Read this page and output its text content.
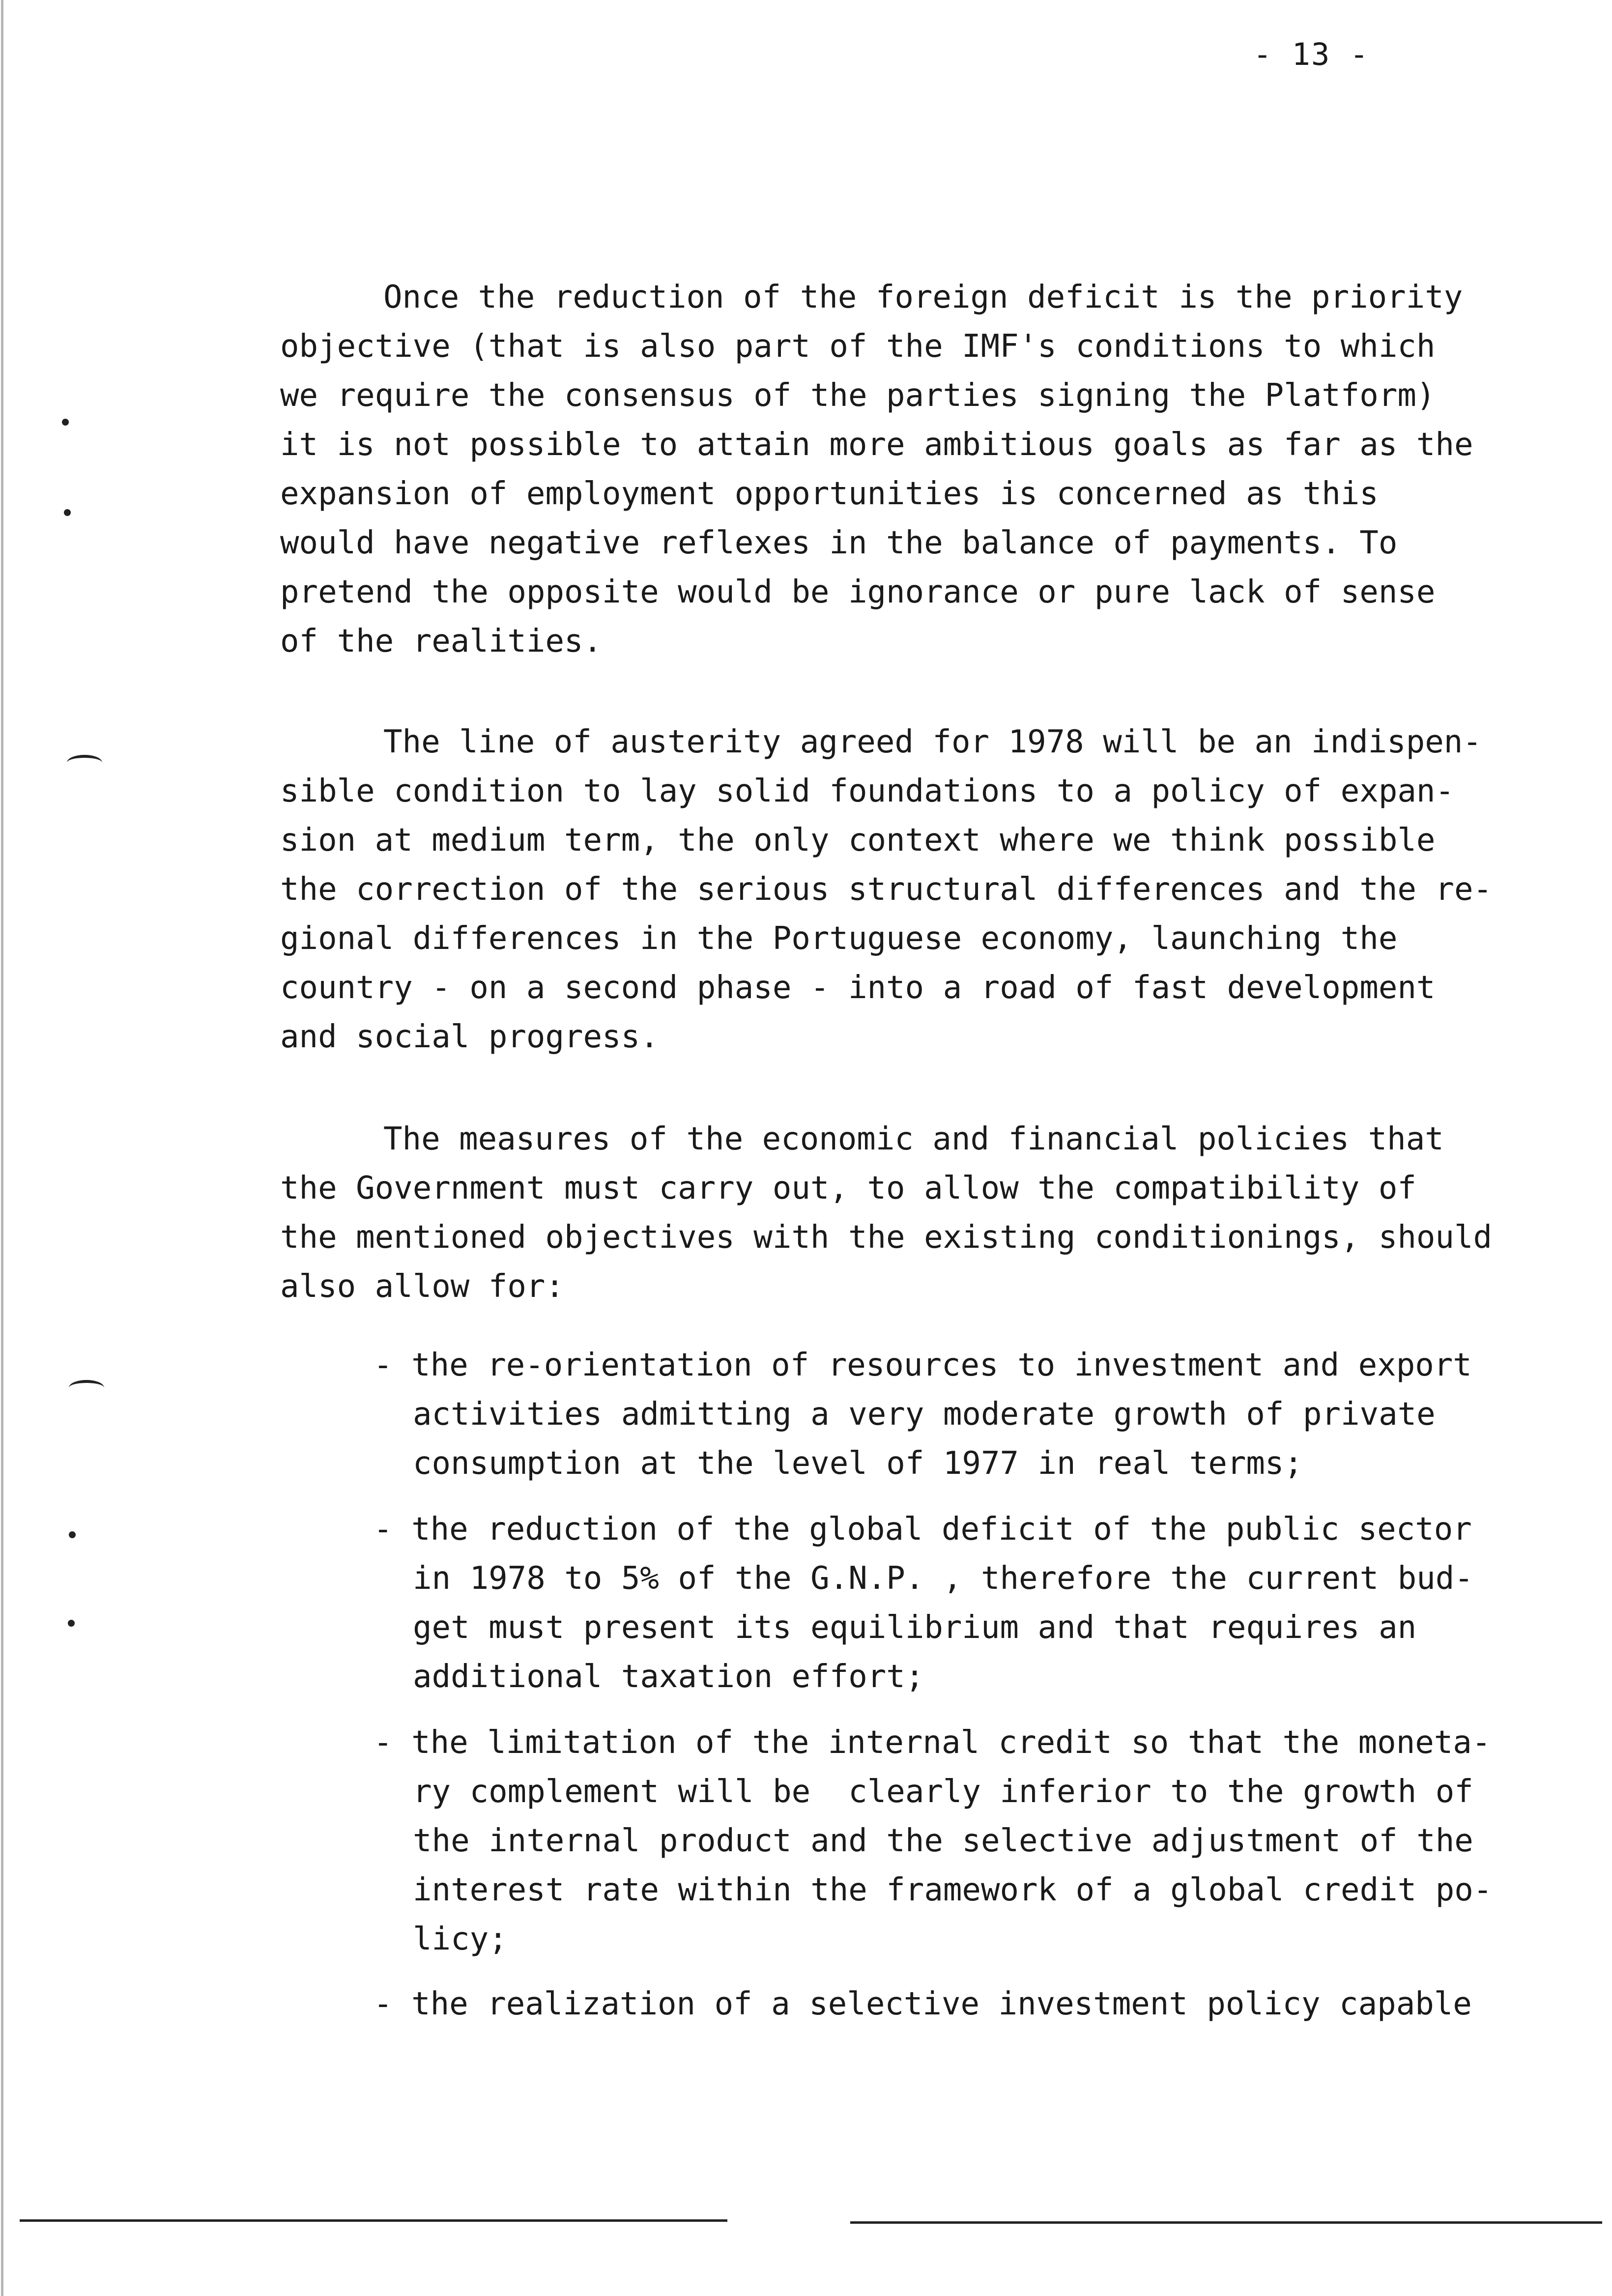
- 13 -
Once the reduction of the foreign deficit is the priority
objective (that is also part of the IMF's conditions to which
we require the consensus of the parties signing the Platform)
it is not possible to attain more ambitious goals as far as the
expansion of employment opportunities is concerned as this
would have negative reflexes in the balance of payments. To
pretend the opposite would be ignorance or pure lack of sense
of the realities.
The line of austerity agreed for 1978 will be an indispen-
sible condition to lay solid foundations to a policy of expan-
sion at medium term, the only context where we think possible
the correction of the serious structural differences and the re-
gional differences in the Portuguese economy, launching the
country - on a second phase - into a road of fast development
and social progress.
The measures of the economic and financial policies that
the Government must carry out, to allow the compatibility of
the mentioned objectives with the existing conditionings, should
also allow for:
- the re-orientation of resources to investment and export
activities admitting a very moderate growth of private
consumption at the level of 1977 in real terms;
- the reduction of the global deficit of the public sector
in 1978 to 5% of the G.N.P. , therefore the current bud-
get must present its equilibrium and that requires an
additional taxation effort;
- the limitation of the internal credit so that the moneta-
ry complement will be  clearly inferior to the growth of
the internal product and the selective adjustment of the
interest rate within the framework of a global credit po-
licy;
- the realization of a selective investment policy capable
